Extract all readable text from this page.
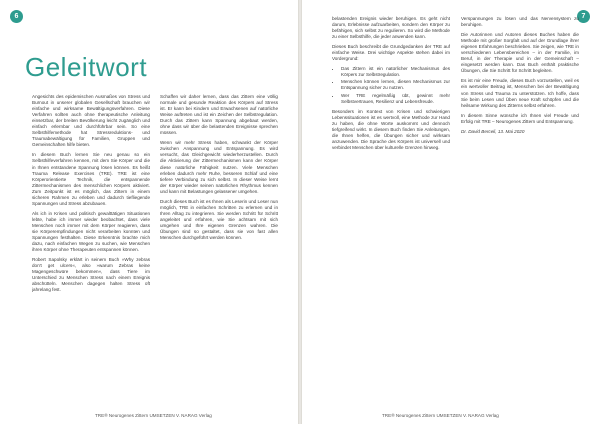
6
Geleitwort

Angesichts des epidemischen Ausmaßes von Stress und Burnout in unserer globalen Gesellschaft brauchen wir einfache und wirksame Bewältigungsverfahren. Diese Verfahren sollten auch ohne therapeutische Anleitung einsetzbar, der breiten Bevölkerung leicht zugänglich und einfach erlernbar und durchführbar sein. So eine Selbsthilfemethode hat Stressreduktions- und Traumabewältigung für Familien, Gruppen und Gemeinschaften hilfe bieten.

In diesem Buch lernen Sie neu genau so ein Selbsthilfeverfahren kennen, mit dem Sie Körper und die in Ihnen entstandene Spannung lösen können. Es heißt Trauma Release Exercises (TRE). TRE ist eine Körperorientierte Technik, die entspannende Zittermechanismen des menschlichen Körpers aktiviert. Zum Zeitpunkt ist es möglich, das Zittern in einem sicheren Rahmen zu erleben und dadurch tiefliegende Spannungen und Stress abzubauen.

Als ich in Krisen und politisch gewalttätigen Situationen lebte, habe ich immer wieder beobachtet, dass viele Menschen noch immer mit dem Körper reagieren, dass sie Körperempfindungen nicht verarbeiten konnten und Spannungen festhalten. Diese Erkenntnis brachte mich dazu, nach einfachen Wegen zu suchen, wie Menschen ihren Körper ohne Therapeuten entspannen können.

Robert Sapolsky erklärt in seinem Buch »Why zebras don't get ulcers«, also »warum Zebras keine Magengeschwüre bekommen«, dass Tiere im Unterschied zu Menschen Stress nach einem Ereignis abschütteln. Menschen dagegen halten Stress oft jahrelang fest.

Schaffen wir daher lernen, dass das Zittern eine völlig normale und gesunde Reaktion des Körpers auf Stress ist. Er kann bei Kindern und Erwachsenen auf natürliche Weise auftreten und ist ein Zeichen der Selbstregulation. Durch das Zittern kann Spannung abgebaut werden, ohne dass wir über die belastenden Ereignisse sprechen müssen.

Wenn wir mehr Stress haben, schwankt der Körper zwischen Anspannung und Entspannung. Es wird versucht, das Gleichgewicht wiederherzustellen. Durch die Aktivierung der Zittermechanismen kann der Körper diese natürliche Fähigkeit nutzen. Viele Menschen erleben dadurch mehr Ruhe, besseren Schlaf und eine tiefere Verbindung zu sich selbst. In dieser Weise lernt der Körper wieder seinen natürlichen Rhythmus kennen und kann mit Belastungen gelassener umgehen.

Durch dieses Buch ist es Ihnen als Leserin und Leser nun möglich, TRE in einfachen Schritten zu erlernen und in Ihren Alltag zu integrieren. Sie werden Schritt für Schritt angeleitet und erfahren, wie Sie achtsam mit sich umgehen und Ihre eigenen Grenzen wahren. Die Übungen sind so gestaltet, dass sie von fast allen Menschen durchgeführt werden können.

TRE® Neurogenes Zittern UMSETZEN V. NARAG Verlag
7

belastenden Ereignis wieder beruhigen. Es geht nicht darum, Erlebnisse aufzuarbeiten, sondern den Körper zu befähigen, sich selbst zu regulieren. So wird die Methode zu einer Selbsthilfe, die jeder anwenden kann.

Dieses Buch beschreibt die Grundgedanken der TRE auf einfache Weise. Drei wichtige Aspekte stehen dabei im Vordergrund:

• Das Zittern ist ein natürlicher Mechanismus des Körpers zur Selbstregulation.
• Menschen können lernen, diesen Mechanismus zur Entspannung sicher zu nutzen.
• Wer TRE regelmäßig übt, gewinnt mehr Selbstvertrauen, Resilienz und Lebensfreude.

Besonders im Kontext von Krisen und schwierigen Lebenssituationen ist es wertvoll, eine Methode zur Hand zu haben, die ohne Worte auskommt und dennoch tiefgreifend wirkt. In diesem Buch finden Sie Anleitungen, die Ihnen helfen, die Übungen sicher und wirksam anzuwenden. Die Sprache des Körpers ist universell und verbindet Menschen über kulturelle Grenzen hinweg.

Verspannungen zu lösen und das Nervensystem zu beruhigen.

Die Autorinnen und Autoren dieses Buches haben die Methode mit großer Sorgfalt und auf der Grundlage ihrer eigenen Erfahrungen beschrieben. Sie zeigen, wie TRE in verschiedenen Lebensbereichen – in der Familie, im Beruf, in der Therapie und in der Gemeinschaft – eingesetzt werden kann. Das Buch enthält praktische Übungen, die Sie Schritt für Schritt begleiten.

Es ist mir eine Freude, dieses Buch vorzustellen, weil es ein wertvoller Beitrag ist, Menschen bei der Bewältigung von Stress und Trauma zu unterstützen. Ich hoffe, dass Sie beim Lesen und Üben neue Kraft schöpfen und die heilsame Wirkung des Zitterns selbst erfahren.

In diesem Sinne wünsche ich Ihnen viel Freude und Erfolg mit TRE – Neurogenes Zittern und Entspannung.

Dr. David Berceli, 13. Mai 2020

TRE® Neurogenes Zittern UMSETZEN V. NARAG Verlag
